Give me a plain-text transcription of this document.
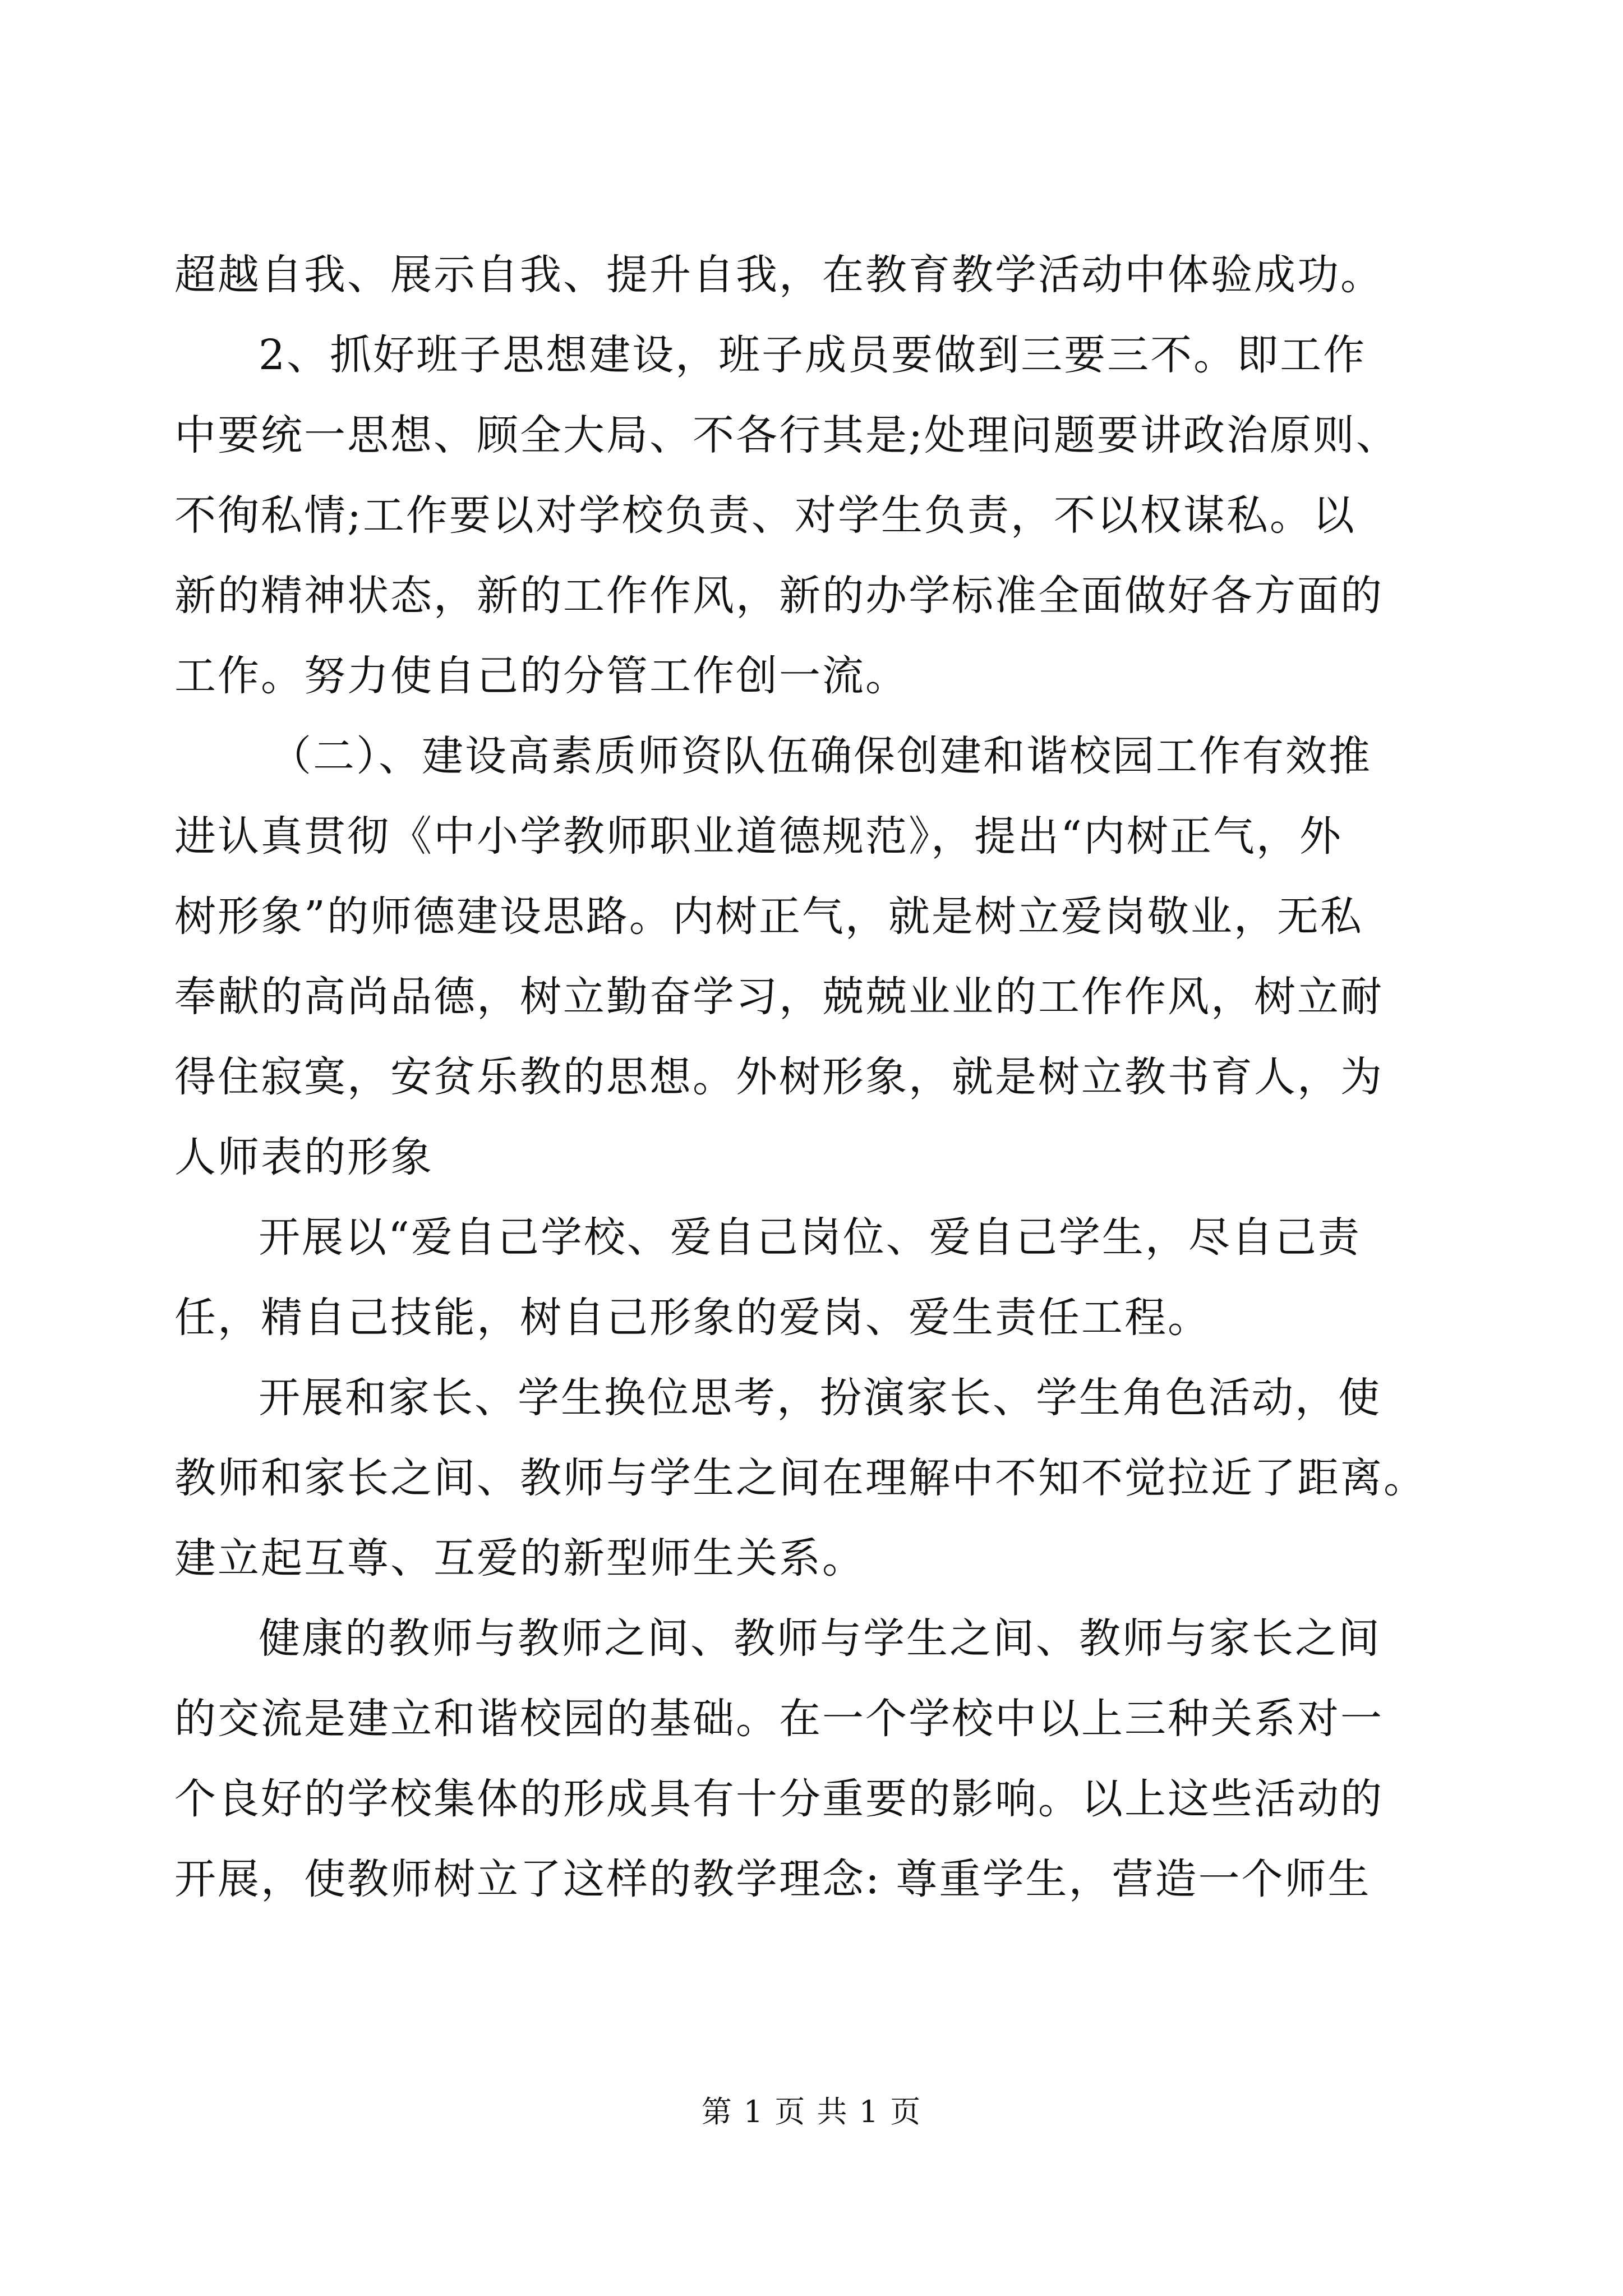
超越自我、展示自我、提升自我，在教育教学活动中体验成功。
2、抓好班子思想建设，班子成员要做到三要三不。即工作
中要统一思想、顾全大局、不各行其是;处理问题要讲政治原则、
不徇私情;工作要以对学校负责、对学生负责，不以权谋私。以
新的精神状态，新的工作作风，新的办学标准全面做好各方面的
工作。努力使自己的分管工作创一流。
（二）、建设高素质师资队伍确保创建和谐校园工作有效推
进认真贯彻《中小学教师职业道德规范》，提出“内树正气，外
树形象”的师德建设思路。内树正气，就是树立爱岗敬业，无私
奉献的高尚品德，树立勤奋学习，兢兢业业的工作作风，树立耐
得住寂寞，安贫乐教的思想。外树形象，就是树立教书育人，为
人师表的形象
开展以“爱自己学校、爱自己岗位、爱自己学生，尽自己责
任，精自己技能，树自己形象的爱岗、爱生责任工程。
开展和家长、学生换位思考，扮演家长、学生角色活动，使
教师和家长之间、教师与学生之间在理解中不知不觉拉近了距离。
建立起互尊、互爱的新型师生关系。
健康的教师与教师之间、教师与学生之间、教师与家长之间
的交流是建立和谐校园的基础。在一个学校中以上三种关系对一
个良好的学校集体的形成具有十分重要的影响。以上这些活动的
开展，使教师树立了这样的教学理念: 尊重学生，营造一个师生
第 1 页 共 1 页
